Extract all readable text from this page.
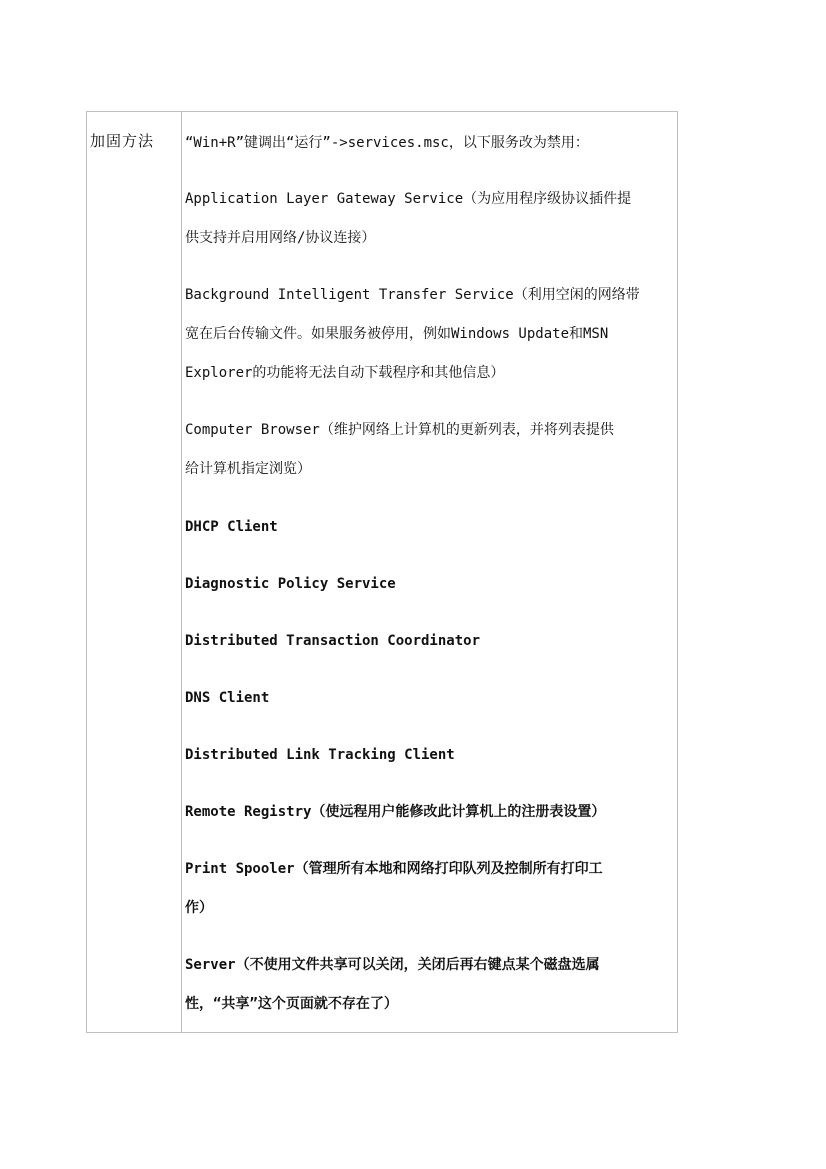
加固方法 “Win+R”键调出“运行”->services.msc，以下服务改为禁用：
Application Layer Gateway Service（为应用程序级协议插件提
供支持并启用网络/协议连接）
Background Intelligent Transfer Service（利用空闲的网络带
宽在后台传输文件。如果服务被停用，例如Windows Update和MSN
Explorer的功能将无法自动下载程序和其他信息）
Computer Browser（维护网络上计算机的更新列表，并将列表提供
给计算机指定浏览）
DHCP Client
Diagnostic Policy Service
Distributed Transaction Coordinator
DNS Client
Distributed Link Tracking Client
Remote Registry（使远程用户能修改此计算机上的注册表设置）
Print Spooler（管理所有本地和网络打印队列及控制所有打印工
作）
Server（不使用文件共享可以关闭，关闭后再右键点某个磁盘选属
性，“共享”这个页面就不存在了）
